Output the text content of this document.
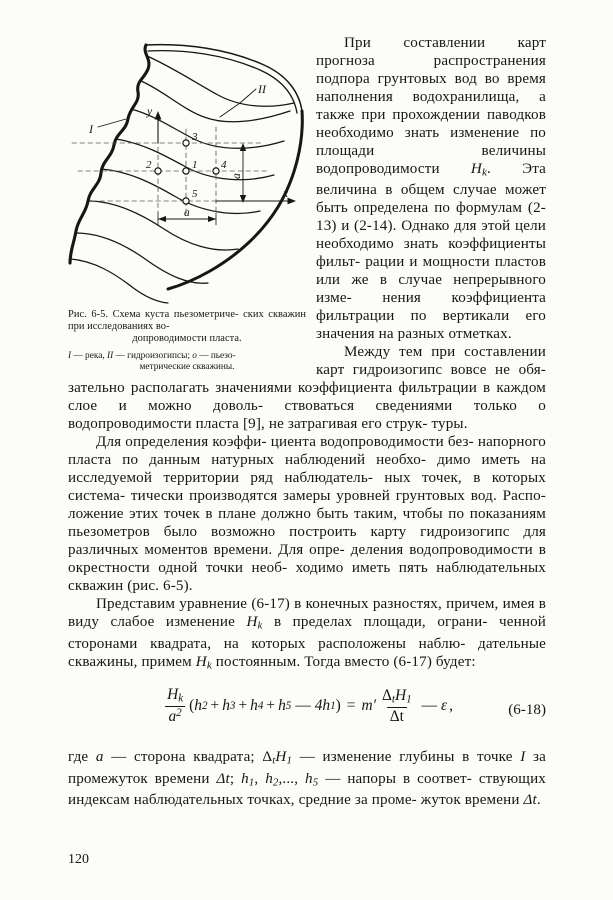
I
II
y
x
3
2	1 4
5
a
a
Рис. 6-5. Схема куста пьезометриче- ских скважин при исследованиях во-
допроводимости пласта.
I — река, II — гидроизогипсы; o — пьезо-
метрические скважины.

При составлении карт прогноза распространения подпора грунтовых вод во время наполнения водохранилища, а также при прохождении паводков необходимо знать изменение по площади величины водопроводимости $H_k$. Эта величина в общем случае может быть определена по формулам (2-13) и (2-14). Однако для этой цели необходимо знать коэффициенты фильт- рации и мощности пластов или же в случае непрерывного изме- нения коэффициента фильтрации по вертикали его значения на разных отметках.

Между тем при составлении карт гидроизогипс вовсе не обя- зательно располагать значениями коэффициента фильтрации в каждом слое и можно доволь- ствоваться сведениями только о водопроводимости пласта [9], не затрагивая его струк- туры.

Для определения коэффи- циента водопроводимости без- напорного пласта по данным натурных наблюдений необхо- димо иметь на исследуемой территории ряд наблюдатель- ных точек, в которых система- тически производятся замеры уровней грунтовых вод. Распо- ложение этих точек в плане должно быть таким, чтобы по показаниям пьезометров было возможно построить карту гидроизогипс для различных моментов времени. Для опре- деления водопроводимости в окрестности одной точки необ- ходимо иметь пять наблюдательных скважин (рис. 6-5).

Представим уравнение (6-17) в конечных разностях, причем, имея в виду слабое изменение $H_k$ в пределах площади, ограни- ченной сторонами квадрата, на которых расположены наблю- дательные скважины, примем $H_k$ постоянным. Тогда вместо (6-17) будет:

$\frac{H_k}{a^2}$ ( h 2 + h 3 + h 4 + h 5 — 4h 1 ) = $m' \frac{\Delta_tH_1}{\Delta t}$ — ε ,	(6-18)

где a — сторона квадрата; $\Delta_tH_1$ — изменение глубины в точке I за промежуток времени Δt; $h_1$, $h_2$,..., $h_5$ — напоры в соответ- ствующих индексам наблюдательных точках, средние за проме- жуток времени Δt.

120
